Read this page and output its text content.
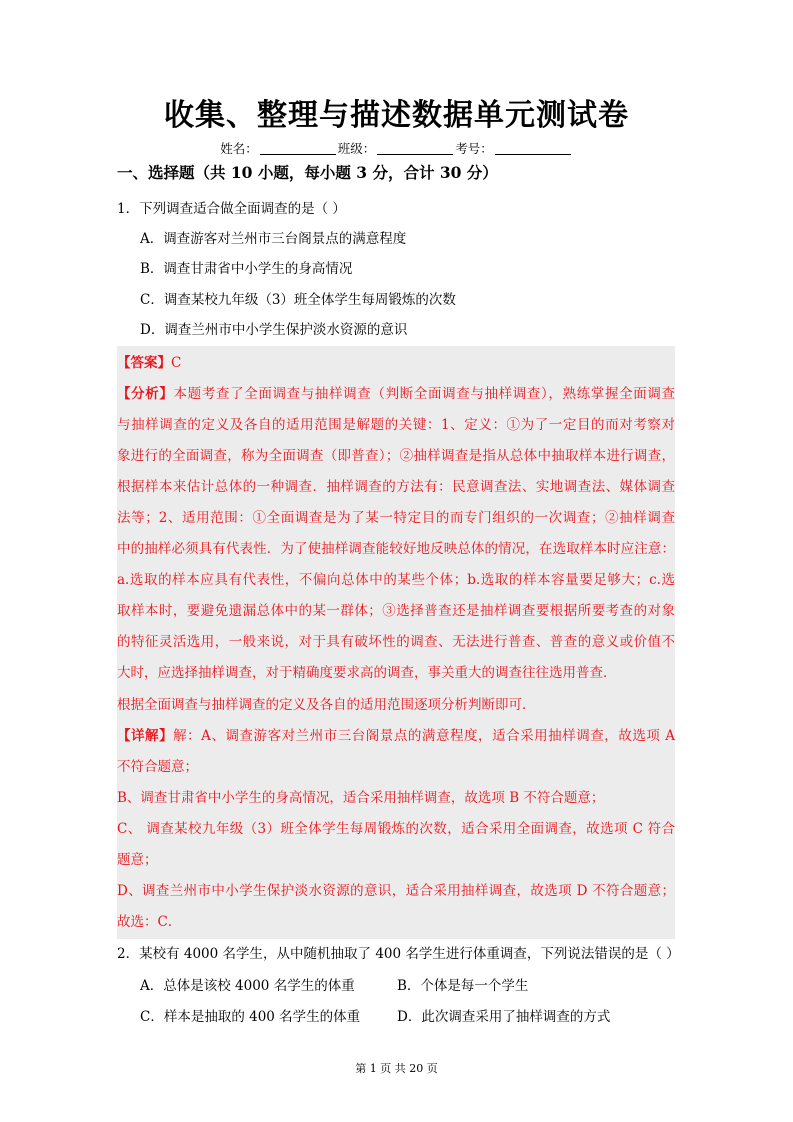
收集、整理与描述数据单元测试卷
姓名：	班级：	考号：
一、选择题（共 10 小题，每小题 3 分，合计 30 分）
1．下列调查适合做全面调查的是（ ）
A．调查游客对兰州市三台阁景点的满意程度
B．调查甘肃省中小学生的身高情况
C．调查某校九年级（3）班全体学生每周锻炼的次数
D．调查兰州市中小学生保护淡水资源的意识
【答案】C
【分析】本题考查了全面调查与抽样调查（判断全面调查与抽样调查），熟练掌握全面调查
与抽样调查的定义及各自的适用范围是解题的关键：1、定义：①为了一定目的而对考察对
象进行的全面调查，称为全面调查（即普查）；②抽样调查是指从总体中抽取样本进行调查，
根据样本来估计总体的一种调查．抽样调查的方法有：民意调查法、实地调查法、媒体调查
法等；2、适用范围：①全面调查是为了某一特定目的而专门组织的一次调查；②抽样调查
中的抽样必须具有代表性．为了使抽样调查能较好地反映总体的情况，在选取样本时应注意：
a.选取的样本应具有代表性，不偏向总体中的某些个体；b.选取的样本容量要足够大；c.选
取样本时，要避免遗漏总体中的某一群体；③选择普查还是抽样调查要根据所要考查的对象
的特征灵活选用，一般来说，对于具有破坏性的调查、无法进行普查、普查的意义或价值不
大时，应选择抽样调查，对于精确度要求高的调查，事关重大的调查往往选用普查．
根据全面调查与抽样调查的定义及各自的适用范围逐项分析判断即可．
【详解】解：A、调查游客对兰州市三台阁景点的满意程度，适合采用抽样调查，故选项 A
不符合题意；
B、调查甘肃省中小学生的身高情况，适合采用抽样调查，故选项 B 不符合题意；
C、 调查某校九年级（3）班全体学生每周锻炼的次数，适合采用全面调查，故选项 C 符合
题意；
D、调查兰州市中小学生保护淡水资源的意识，适合采用抽样调查，故选项 D 不符合题意；
故选：C．
2．某校有 4000 名学生，从中随机抽取了 400 名学生进行体重调查，下列说法错误的是（ ）
A．总体是该校 4000 名学生的体重	B．个体是每一个学生
C．样本是抽取的 400 名学生的体重	D．此次调查采用了抽样调查的方式
第 1 页 共 20 页
